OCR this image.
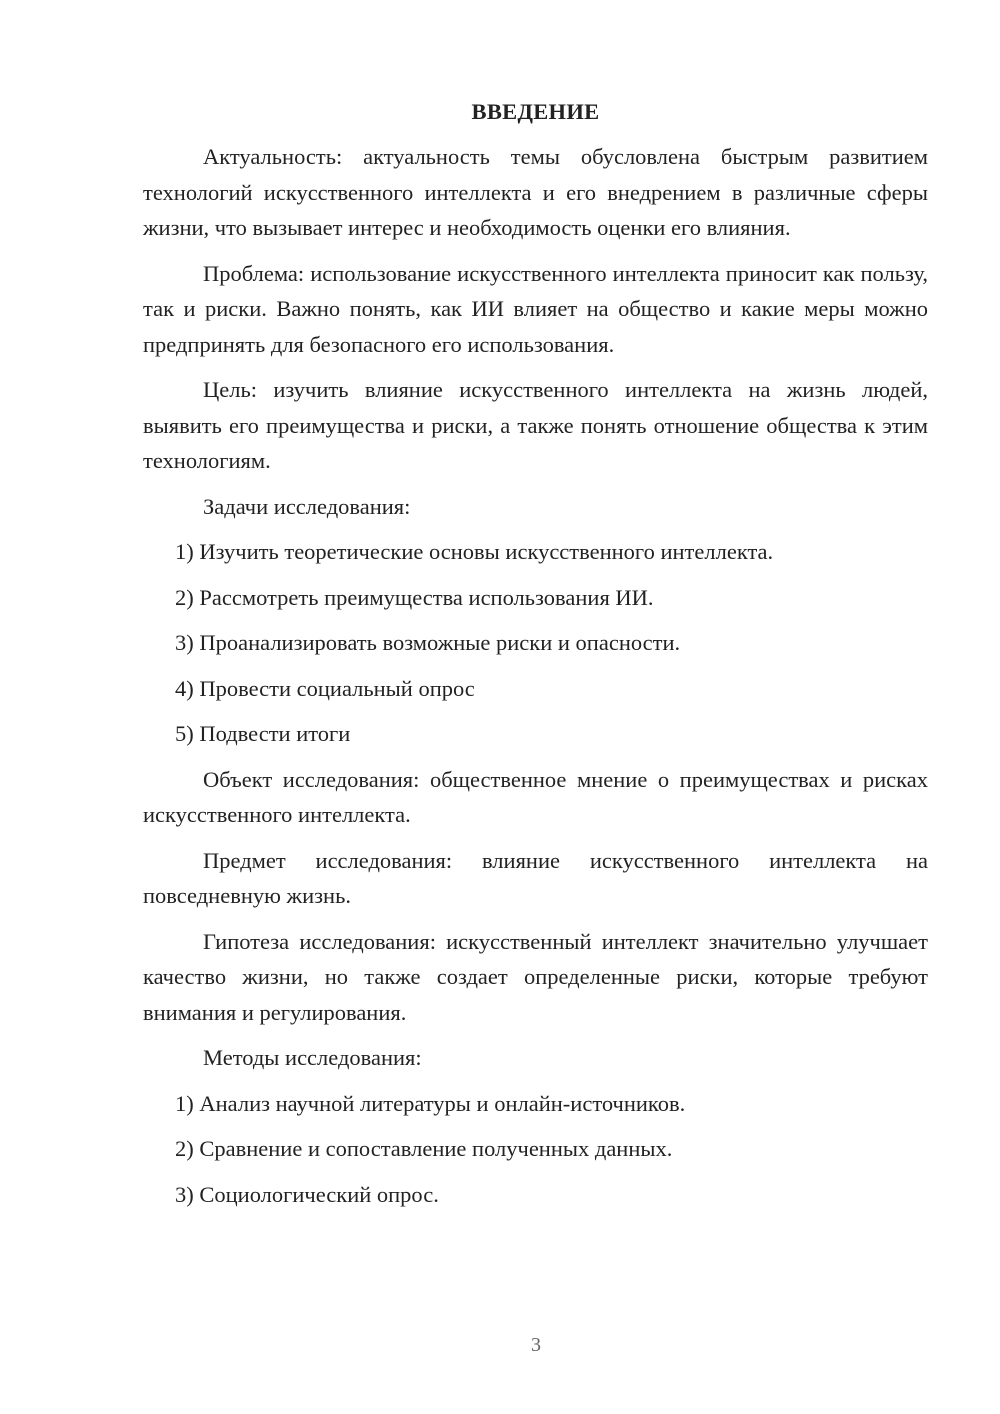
ВВЕДЕНИЕ

Актуальность: актуальность темы обусловлена быстрым развитием технологий искусственного интеллекта и его внедрением в различные сферы жизни, что вызывает интерес и необходимость оценки его влияния.

Проблема: использование искусственного интеллекта приносит как пользу, так и риски. Важно понять, как ИИ влияет на общество и какие меры можно предпринять для безопасного его использования.

Цель: изучить влияние искусственного интеллекта на жизнь людей, выявить его преимущества и риски, а также понять отношение общества к этим технологиям.

Задачи исследования:

1) Изучить теоретические основы искусственного интеллекта.
2) Рассмотреть преимущества использования ИИ.
3) Проанализировать возможные риски и опасности.
4) Провести социальный опрос
5) Подвести итоги

Объект исследования: общественное мнение о преимуществах и рисках искусственного интеллекта.

Предмет исследования: влияние искусственного интеллекта на повседневную жизнь.

Гипотеза исследования: искусственный интеллект значительно улучшает качество жизни, но также создает определенные риски, которые требуют внимания и регулирования.

Методы исследования:

1) Анализ научной литературы и онлайн-источников.
2) Сравнение и сопоставление полученных данных.
3) Социологический опрос.
3
